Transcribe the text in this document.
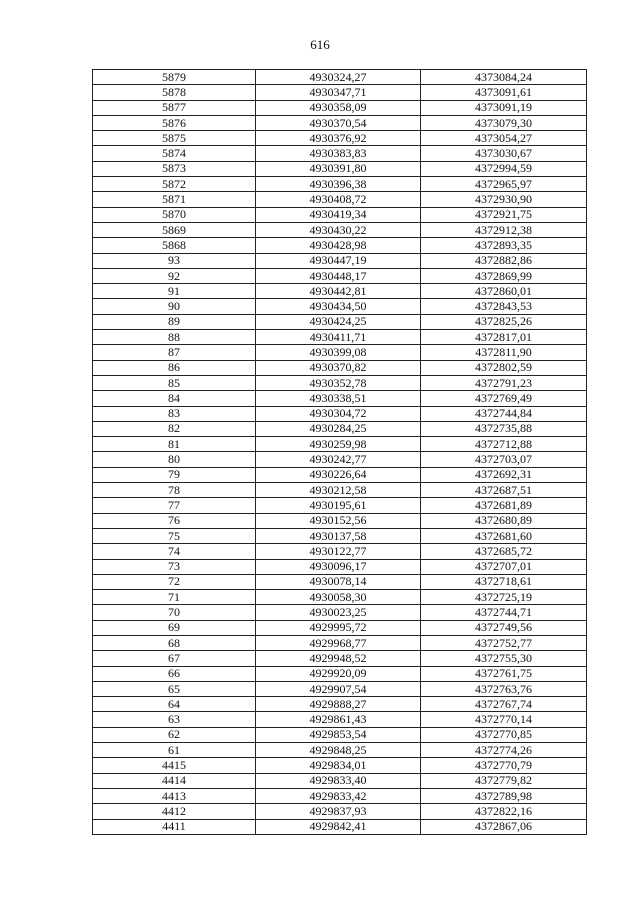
616
5879	4930324,27	4373084,24
5878	4930347,71	4373091,61
5877	4930358,09	4373091,19
5876	4930370,54	4373079,30
5875	4930376,92	4373054,27
5874	4930383,83	4373030,67
5873	4930391,80	4372994,59
5872	4930396,38	4372965,97
5871	4930408,72	4372930,90
5870	4930419,34	4372921,75
5869	4930430,22	4372912,38
5868	4930428,98	4372893,35
93	4930447,19	4372882,86
92	4930448,17	4372869,99
91	4930442,81	4372860,01
90	4930434,50	4372843,53
89	4930424,25	4372825,26
88	4930411,71	4372817,01
87	4930399,08	4372811,90
86	4930370,82	4372802,59
85	4930352,78	4372791,23
84	4930338,51	4372769,49
83	4930304,72	4372744,84
82	4930284,25	4372735,88
81	4930259,98	4372712,88
80	4930242,77	4372703,07
79	4930226,64	4372692,31
78	4930212,58	4372687,51
77	4930195,61	4372681,89
76	4930152,56	4372680,89
75	4930137,58	4372681,60
74	4930122,77	4372685,72
73	4930096,17	4372707,01
72	4930078,14	4372718,61
71	4930058,30	4372725,19
70	4930023,25	4372744,71
69	4929995,72	4372749,56
68	4929968,77	4372752,77
67	4929948,52	4372755,30
66	4929920,09	4372761,75
65	4929907,54	4372763,76
64	4929888,27	4372767,74
63	4929861,43	4372770,14
62	4929853,54	4372770,85
61	4929848,25	4372774,26
4415	4929834,01	4372770,79
4414	4929833,40	4372779,82
4413	4929833,42	4372789,98
4412	4929837,93	4372822,16
4411	4929842,41	4372867,06
